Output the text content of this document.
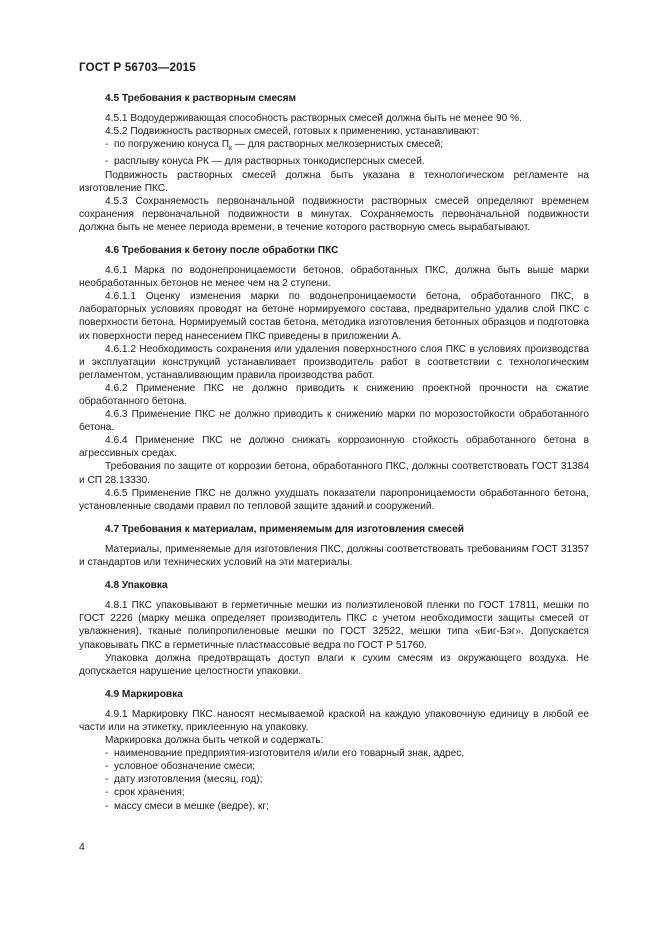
ГОСТ Р 56703—2015
4.5 Требования к растворным смесям

4.5.1 Водоудерживающая способность растворных смесей должна быть не менее 90 %.

4.5.2 Подвижность растворных смесей, готовых к применению, устанавливают:

-  по погружению конуса $П_к$ — для растворных мелкозернистых смесей;
-  расплыву конуса РК — для растворных тонкодисперсных смесей.

Подвижность растворных смесей должна быть указана в технологическом регламенте на изготовление ПКС.

4.5.3 Сохраняемость первоначальной подвижности растворных смесей определяют временем сохранения первоначальной подвижности в минутах. Сохраняемость первоначальной подвижности должна быть не менее периода времени, в течение которого растворную смесь вырабатывают.

4.6 Требования к бетону после обработки ПКС

4.6.1 Марка по водонепроницаемости бетонов, обработанных ПКС, должна быть выше марки необработанных бетонов не менее чем на 2 ступени.

4.6.1.1 Оценку изменения марки по водонепроницаемости бетона, обработанного ПКС, в лабораторных условиях проводят на бетоне нормируемого состава, предварительно удалив слой ПКС с поверхности бетона. Нормируемый состав бетона, методика изготовления бетонных образцов и подготовка их поверхности перед нанесением ПКС приведены в приложении А.

4.6.1.2 Необходимость сохранения или удаления поверхностного слоя ПКС в условиях производства и эксплуатации конструкций устанавливает производитель работ в соответствии с технологическим регламентом, устанавливающим правила производства работ.

4.6.2 Применение ПКС не должно приводить к снижению проектной прочности на сжатие обработанного бетона.

4.6.3 Применение ПКС не должно приводить к снижению марки по морозостойкости обработанного бетона.

4.6.4 Применение ПКС не должно снижать коррозионную стойкость обработанного бетона в агрессивных средах.

Требования по защите от коррозии бетона, обработанного ПКС, должны соответствовать ГОСТ 31384 и СП 28.13330.

4.6.5 Применение ПКС не должно ухудшать показатели паропроницаемости обработанного бетона, установленные сводами правил по тепловой защите зданий и сооружений.

4.7 Требования к материалам, применяемым для изготовления смесей

Материалы, применяемые для изготовления ПКС, должны соответствовать требованиям ГОСТ 31357 и стандартов или технических условий на эти материалы.

4.8 Упаковка

4.8.1 ПКС упаковывают в герметичные мешки из полиэтиленовой пленки по ГОСТ 17811, мешки по ГОСТ 2226 (марку мешка определяет производитель ПКС с учетом необходимости защиты смесей от увлажнения), тканые полипропиленовые мешки по ГОСТ 32522, мешки типа «Биг-Бэг». Допускается упаковывать ПКС в герметичные пластмассовые ведра по ГОСТ Р 51760.

Упаковка должна предотвращать доступ влаги к сухим смесям из окружающего воздуха. Не допускается нарушение целостности упаковки.

4.9 Маркировка

4.9.1 Маркировку ПКС наносят несмываемой краской на каждую упаковочную единицу в любой ее части или на этикетку, приклеенную на упаковку.

Маркировка должна быть четкой и содержать:

-  наименование предприятия-изготовителя и/или его товарный знак, адрес,
-  условное обозначение смеси;
-  дату изготовления (месяц, год);
-  срок хранения;
-  массу смеси в мешке (ведре), кг;
4
